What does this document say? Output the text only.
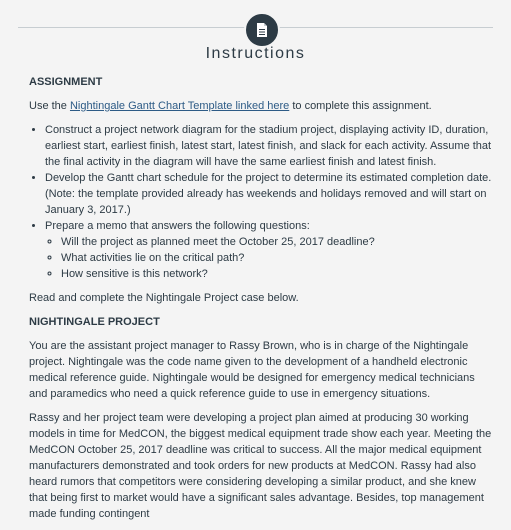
Instructions
ASSIGNMENT

Use the Nightingale Gantt Chart Template linked here to complete this assignment.

• Construct a project network diagram for the stadium project, displaying activity ID, duration, earliest start, earliest finish, latest start, latest finish, and slack for each activity. Assume that the final activity in the diagram will have the same earliest finish and latest finish.
• Develop the Gantt chart schedule for the project to determine its estimated completion date. (Note: the template provided already has weekends and holidays removed and will start on January 3, 2017.)
• Prepare a memo that answers the following questions:
◦ Will the project as planned meet the October 25, 2017 deadline?
◦ What activities lie on the critical path?
◦ How sensitive is this network?

Read and complete the Nightingale Project case below.

NIGHTINGALE PROJECT

You are the assistant project manager to Rassy Brown, who is in charge of the Nightingale project. Nightingale was the code name given to the development of a handheld electronic medical reference guide. Nightingale would be designed for emergency medical technicians and paramedics who need a quick reference guide to use in emergency situations.

Rassy and her project team were developing a project plan aimed at producing 30 working models in time for MedCON, the biggest medical equipment trade show each year. Meeting the MedCON October 25, 2017 deadline was critical to success. All the major medical equipment manufacturers demonstrated and took orders for new products at MedCON. Rassy had also heard rumors that competitors were considering developing a similar product, and she knew that being first to market would have a significant sales advantage. Besides, top management made funding contingent
